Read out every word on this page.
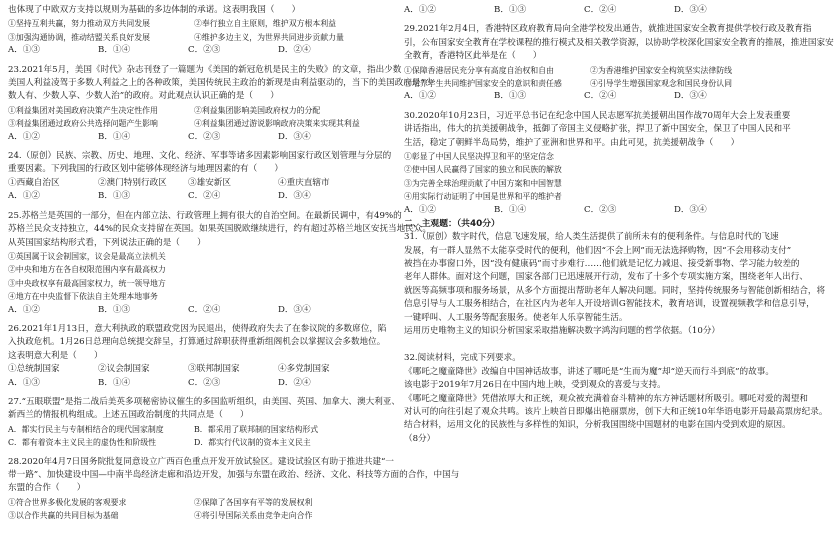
也体现了中欧双方支持以规则为基础的多边体制的承诺。这表明我国（　　）
①坚持互利共赢，努力推动双方共同发展	②奉行独立自主原则，维护双方根本利益
③加强沟通协调，推动结盟关系良好发展	④维护多边主义，为世界共同进步贡献力量
A．①③	B．①④	C．②③	D．②④
23.2021年5月，美国《时代》杂志刊登了一篇题为《美国的新冠危机是民主的失败》的文章，指出少数
美国人利益凌驾于多数人利益之上的各种政策，美国传统民主政治的新现是由利益驱动的，当下的美国政府是“少
数人有、少数人享、少数人治”的政府。对此观点认识正确的是（　　）
①利益集团对美国政府决策产生决定性作用	②利益集团影响美国政府权力的分配
③利益集团通过政府公共选择问题产生影响	④利益集团通过游说影响政府决策来实现其利益
A．①②	B．①④	C．②③	D．③④
24.（原创）民族、宗教、历史、地理、文化、经济、军事等诸多因素影响国家行政区划管理与分层的
重要因素。下列我国的行政区划中能够体现经济与地理因素的有（　　）
①西藏自治区	②澳门特别行政区	③雄安新区	④重庆直辖市
A．①②	B．①③	C．②④	D．③④
25.苏格兰是英国的一部分，但在内部立法、行政管理上拥有很大的自治空间。在最新民调中，有49%的
苏格兰民众支持独立，44%的民众支持留在英国。如果英国脱欧继续进行，约有超过苏格兰地区安抚当地民众。
从英国国家结构形式看，下列说法正确的是（　　）
①英国属于议会制国家，议会是最高立法机关
②中央和地方在各自权限范围内享有最高权力
③中央政权享有最高国家权力，统一领导地方
④地方在中央监督下依法自主处理本地事务
A．①②	B．①③	C．②④	D．③④
26.2021年1月13日，意大利执政的联盟政党因为民退出，使得政府失去了在参议院的多数席位，陷
入执政危机。1月26日总理向总统提交辞呈，打算通过辞职获得重新组阁机会以掌握议会多数地位。
这表明意大利是（　　）
①总统制国家	②议会制国家	③联邦制国家	④多党制国家
A．①③	B．①④	C．②③	D．②④
27.“五眼联盟”是指二战后美英多项秘密协议催生的多国监听组织，由美国、英国、加拿大、澳大利亚、
新西兰的情报机构组成。上述五国政治制度的共同点是（　　）
A．都实行民主与专制相结合的现代国家制度	B．都采用了联邦制的国家结构形式
C．都有着资本主义民主的虚伪性和阶级性	D．都实行代议制的资本主义民主
28.2020年4月7日国务院批复同意设立广西百色重点开发开放试验区。建设试验区有助于推进共建“一
带一路”、加快建设中国—中南半岛经济走廊和沿边开发，加强与东盟在政治、经济、文化、科技等方面的合作，中国与
东盟的合作（　　）
①符合世界多极化发展的客观要求	②保障了各国享有平等的发展权利
③以合作共赢的共同目标为基础	④将引导国际关系由竞争走向合作
A．①②	B．①③	C．②④	D．③④
29.2021年2月4日，香港特区政府教育局向全港学校发出通告，就推进国家安全教育提供学校行政及教育指
引，公布国家安全教育在学校课程的推行模式及相关教学资源，以协助学校深化国家安全教育的推展，推进国家安
全教育，香港特区此举是在（　　）
①保障香港居民充分享有高度自治权和自由	②为香港维护国家安全构筑坚实法律防线
③培养学生共同维护国家安全的意识和责任感	④引导学生增强国家观念和国民身份认同
A．①②	B．①③	C．②④	D．③④
30.2020年10月23日，习近平总书记在纪念中国人民志愿军抗美援朝出国作战70周年大会上发表重要
讲话指出，伟大的抗美援朝战争，抵御了帝国主义侵略扩张，捍卫了新中国安全，保卫了中国人民和平
生活，稳定了朝鲜半岛局势，维护了亚洲和世界和平。由此可见，抗美援朝战争（　　）
①彰显了中国人民坚决捍卫和平的坚定信念
②使中国人民赢得了国家的独立和民族的解放
③为完善全球治理贡献了中国方案和中国智慧
④用实际行动证明了中国是世界和平的维护者
A．①②	B．①④	C．②③	D．③④
二、主观题：（共40分）
31.（原创）数字时代，信息飞速发展，给人类生活提供了前所未有的便利条件。与信息时代的飞速
发展，有一群人显然不太能享受时代的便利，他们因“不会上网”而无法选择购物，因“不会用移动支付”
被挡在办事窗口外，因“没有健康码”而寸步难行……他们就是记忆力减退、接受新事物、学习能力较差的
老年人群体。面对这个问题，国家各部门已迅速展开行动，发布了十多个专项实施方案，围绕老年人出行、
就医等高频事项和服务场景，从多个方面提出帮助老年人解决问题。同时，坚持传统服务与智能创新相结合，将
信息引导与人工服务相结合，在社区内为老年人开设培训G智能技术，教育培训，设置视频教学和信息引导，
一键呼叫、人工服务等配套服务。使老年人乐享智能生活。
运用历史唯物主义的知识分析国家采取措施解决数字鸿沟问题的哲学依据。（10分）
32.阅读材料，完成下列要求。
《哪吒之魔童降世》改编自中国神话故事，讲述了哪吒是“生而为魔”却“逆天而行斗到底”的故事。
该电影于2019年7月26日在中国内地上映，受到观众的喜爱与支持。
《哪吒之魔童降世》凭借浓厚大和正统，观众被充满着奋斗精神的东方神话题材所吸引。哪吒对爱的渴望和
对认可的向往引起了观众共鸣。该片上映首日即爆出艳丽票房，创下大和正统10年华语电影开局最高票房纪录。
结合材料，运用文化的民族性与多样性的知识，分析我国围绕中国题材的电影在国内受到欢迎的原因。
（8分）
